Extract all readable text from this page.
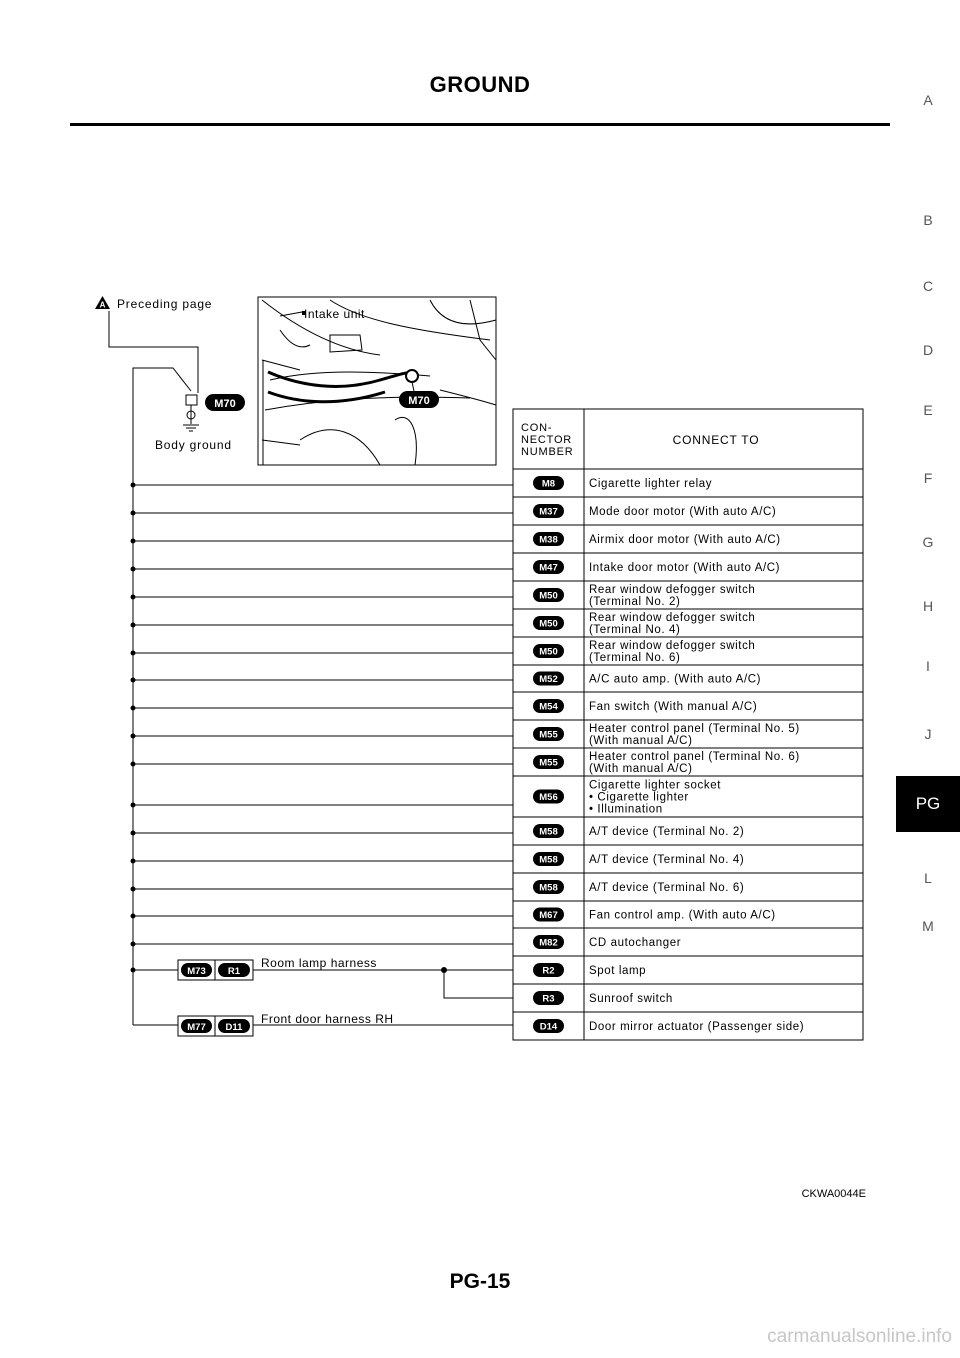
GROUND
A
B
C
D
E
F
G
H
I
J
PG
L
M
A Preceding page
M70
Body ground
Intake unit
M70
CON-
NECTOR
NUMBER
CONNECT TO
M8	Cigarette lighter relay
M37	Mode door motor (With auto A/C)
M38	Airmix door motor (With auto A/C)
M47	Intake door motor (With auto A/C)
M50	Rear window defogger switch
(Terminal No. 2)
M50	Rear window defogger switch
(Terminal No. 4)
M50	Rear window defogger switch
(Terminal No. 6)
M52	A/C auto amp. (With auto A/C)
M54	Fan switch (With manual A/C)
M55	Heater control panel (Terminal No. 5)
(With manual A/C)
M55	Heater control panel (Terminal No. 6)
(With manual A/C)
M56
Cigarette lighter socket
• Cigarette lighter
• Illumination
M58	A/T device (Terminal No. 2)
M58	A/T device (Terminal No. 4)
M58	A/T device (Terminal No. 6)
M67	Fan control amp. (With auto A/C)
M82	CD autochanger
R2	Spot lamp
R3	Sunroof switch
D14	Door mirror actuator (Passenger side)
M73 R1
Room lamp harness
M77 D11
Front door harness RH
CKWA0044E
PG-15
carmanualsonline.info
